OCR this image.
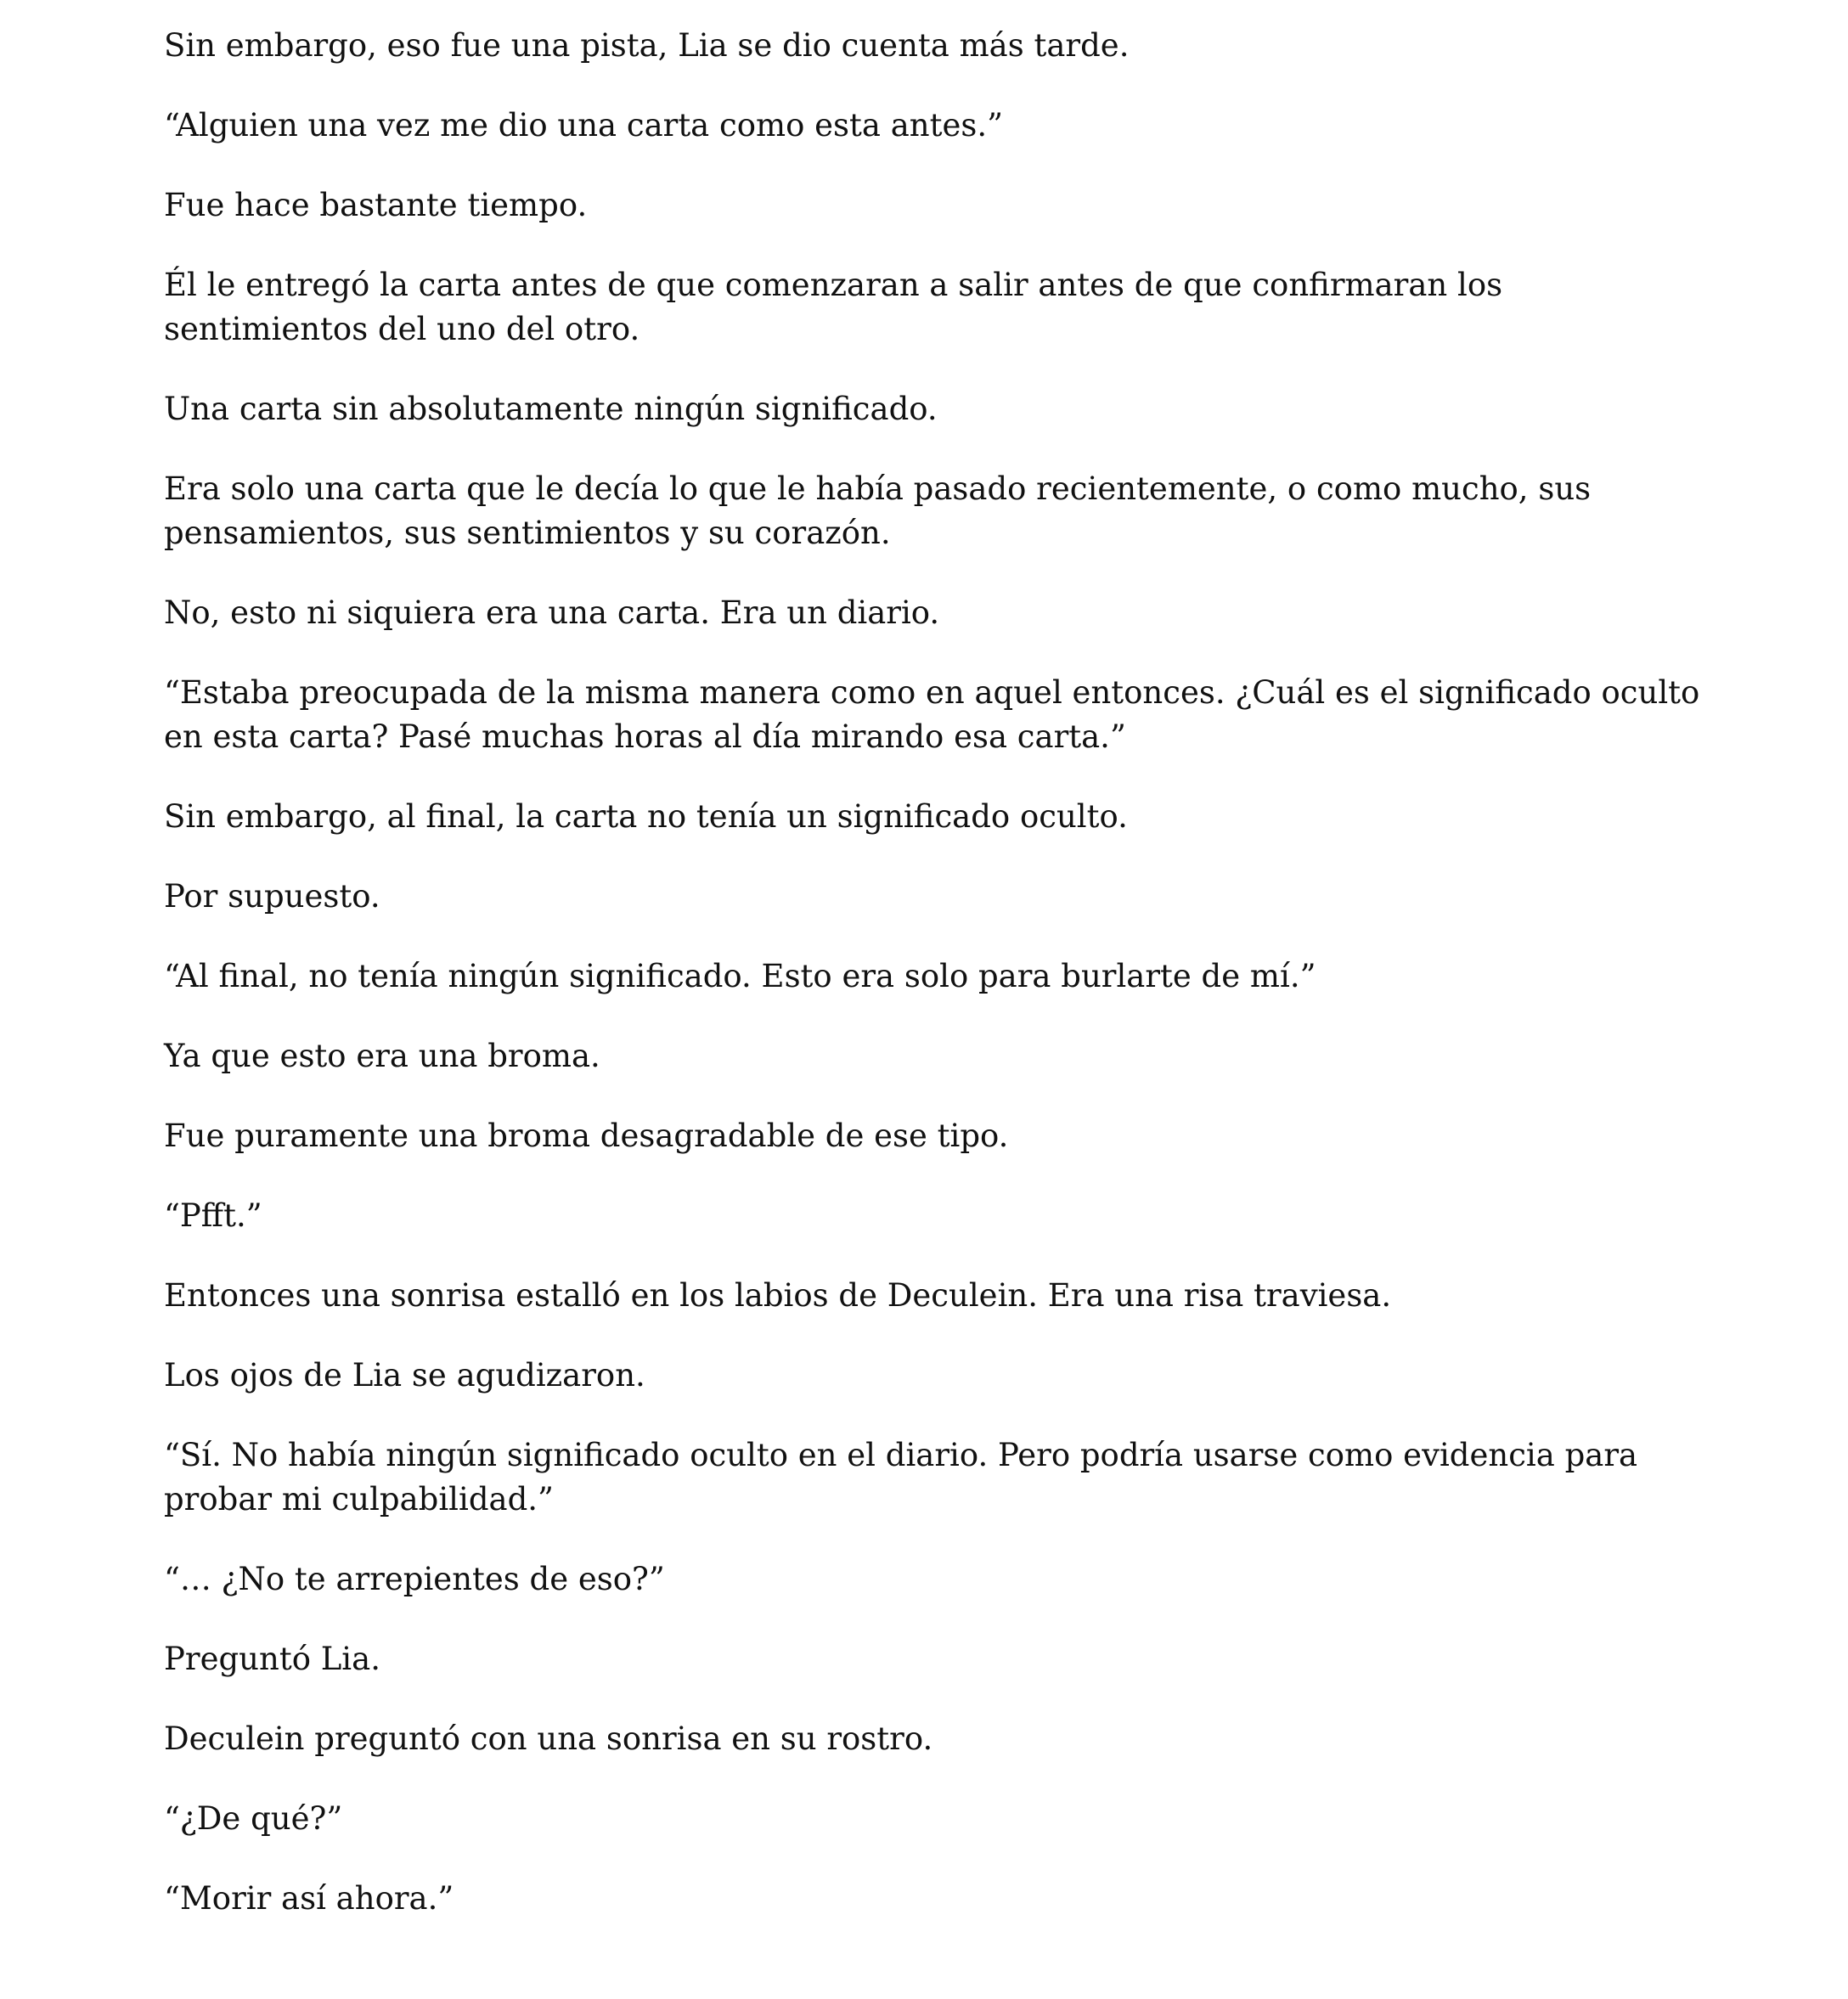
Sin embargo, eso fue una pista, Lia se dio cuenta más tarde.

“Alguien una vez me dio una carta como esta antes.”

Fue hace bastante tiempo.

Él le entregó la carta antes de que comenzaran a salir antes de que confirmaran los sentimientos del uno del otro.

Una carta sin absolutamente ningún significado.

Era solo una carta que le decía lo que le había pasado recientemente, o como mucho, sus pensamientos, sus sentimientos y su corazón.

No, esto ni siquiera era una carta. Era un diario.

“Estaba preocupada de la misma manera como en aquel entonces. ¿Cuál es el significado oculto en esta carta? Pasé muchas horas al día mirando esa carta.”

Sin embargo, al final, la carta no tenía un significado oculto.

Por supuesto.

“Al final, no tenía ningún significado. Esto era solo para burlarte de mí.”

Ya que esto era una broma.

Fue puramente una broma desagradable de ese tipo.

“Pfft.”

Entonces una sonrisa estalló en los labios de Deculein. Era una risa traviesa.

Los ojos de Lia se agudizaron.

“Sí. No había ningún significado oculto en el diario. Pero podría usarse como evidencia para probar mi culpabilidad.”

“… ¿No te arrepientes de eso?”

Preguntó Lia.

Deculein preguntó con una sonrisa en su rostro.

“¿De qué?”

“Morir así ahora.”
